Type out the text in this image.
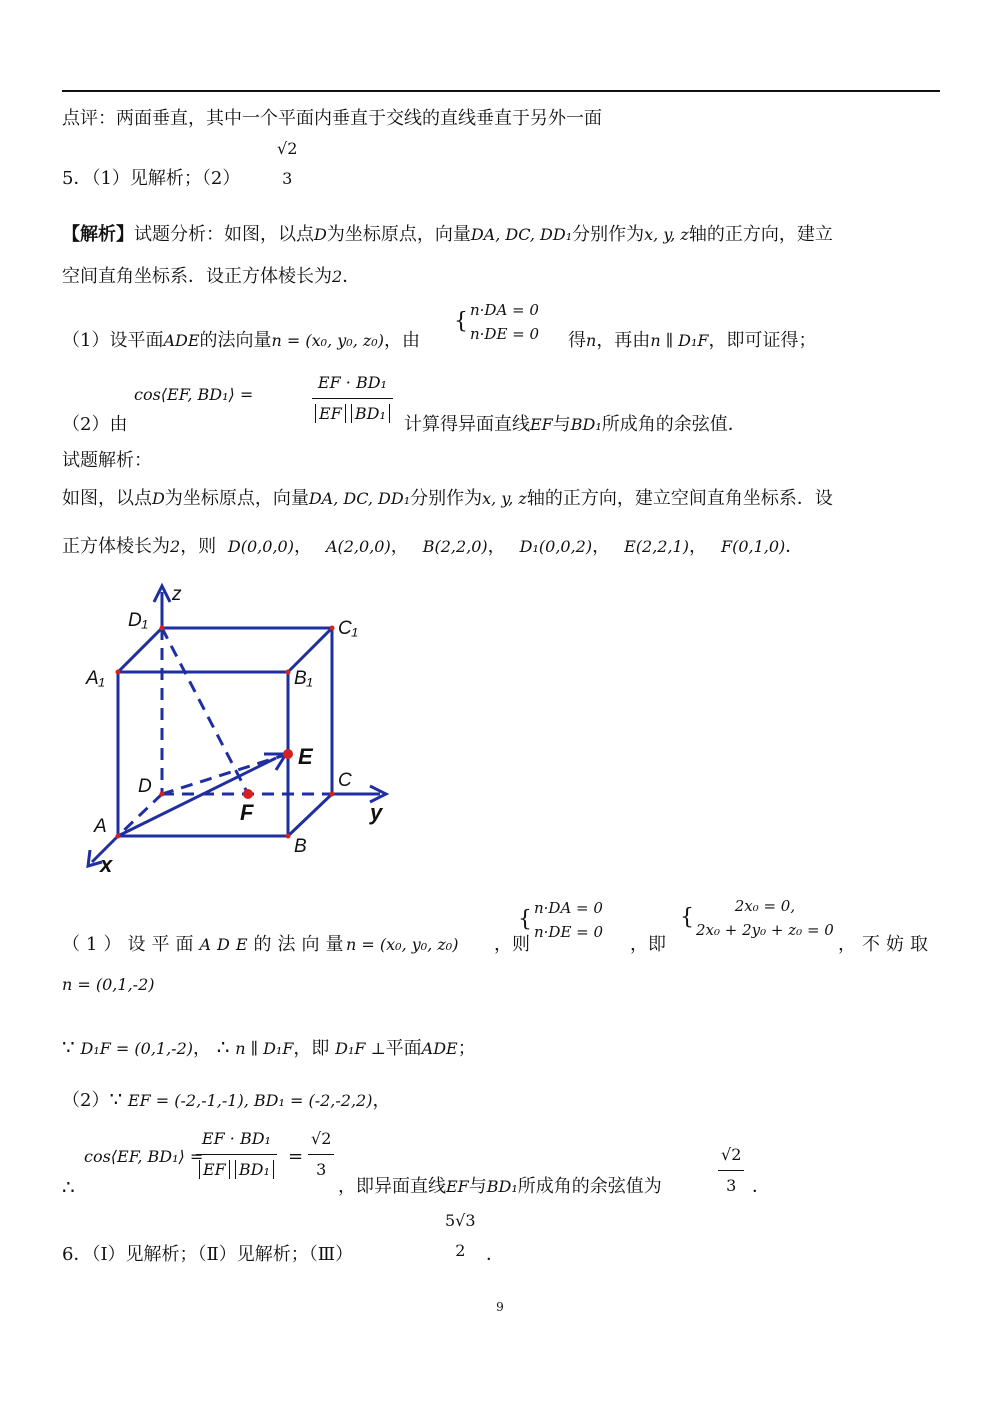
点评：两面垂直，其中一个平面内垂直于交线的直线垂直于另外一面
5．（1）见解析；（2）
√2
3
【解析】试题分析：如图，以点D为坐标原点，向量DA, DC, DD₁分别作为x, y, z轴的正方向，建立
空间直角坐标系．设正方体棱长为2．
（1）设平面ADE的法向量n = (x₀, y₀, z₀)，由
{ n·DA = 0
n·DE = 0 得n，再由n ∥ D₁F，即可证得；
（2）由
cos⟨EF, BD₁⟩ =	$\frac{\text{EF · BD₁}}{\text{EF BD₁}}$ 计算得异面直线EF与BD₁所成角的余弦值．
试题解析：
如图，以点D为坐标原点，向量DA, DC, DD₁分别作为x, y, z轴的正方向，建立空间直角坐标系．设
正方体棱长为2，则 D(0,0,0)， A(2,0,0)， B(2,2,0)， D₁(0,0,2)， E(2,2,1)， F(0,1,0)．
z
D₁	C₁
A₁	B₁
E
D	C
y
F
A
B
x
（1）设平面ADE的法向量
n = (x₀, y₀, z₀) ，则
{ n·DA = 0
n·DE = 0
，即
{	2x₀ = 0,
2x₀ + 2y₀ + z₀ = 0
，不妨取
n = (0,1,-2)
∵ D₁F = (0,1,-2)， ∴ n ∥ D₁F，即 D₁F ⊥平面ADE；
（2）∵ EF = (-2,-1,-1), BD₁ = (-2,-2,2)，
∴
cos⟨EF, BD₁⟩ =
$\frac{\text{EF · BD₁}}{\text{EF BD₁}} = \frac{√2}{3}$
，即异面直线EF与BD₁所成角的余弦值为	$\frac{√2}{3}$ ．
6．（Ⅰ）见解析；（Ⅱ）见解析；（Ⅲ）
5√3
2	．
9
